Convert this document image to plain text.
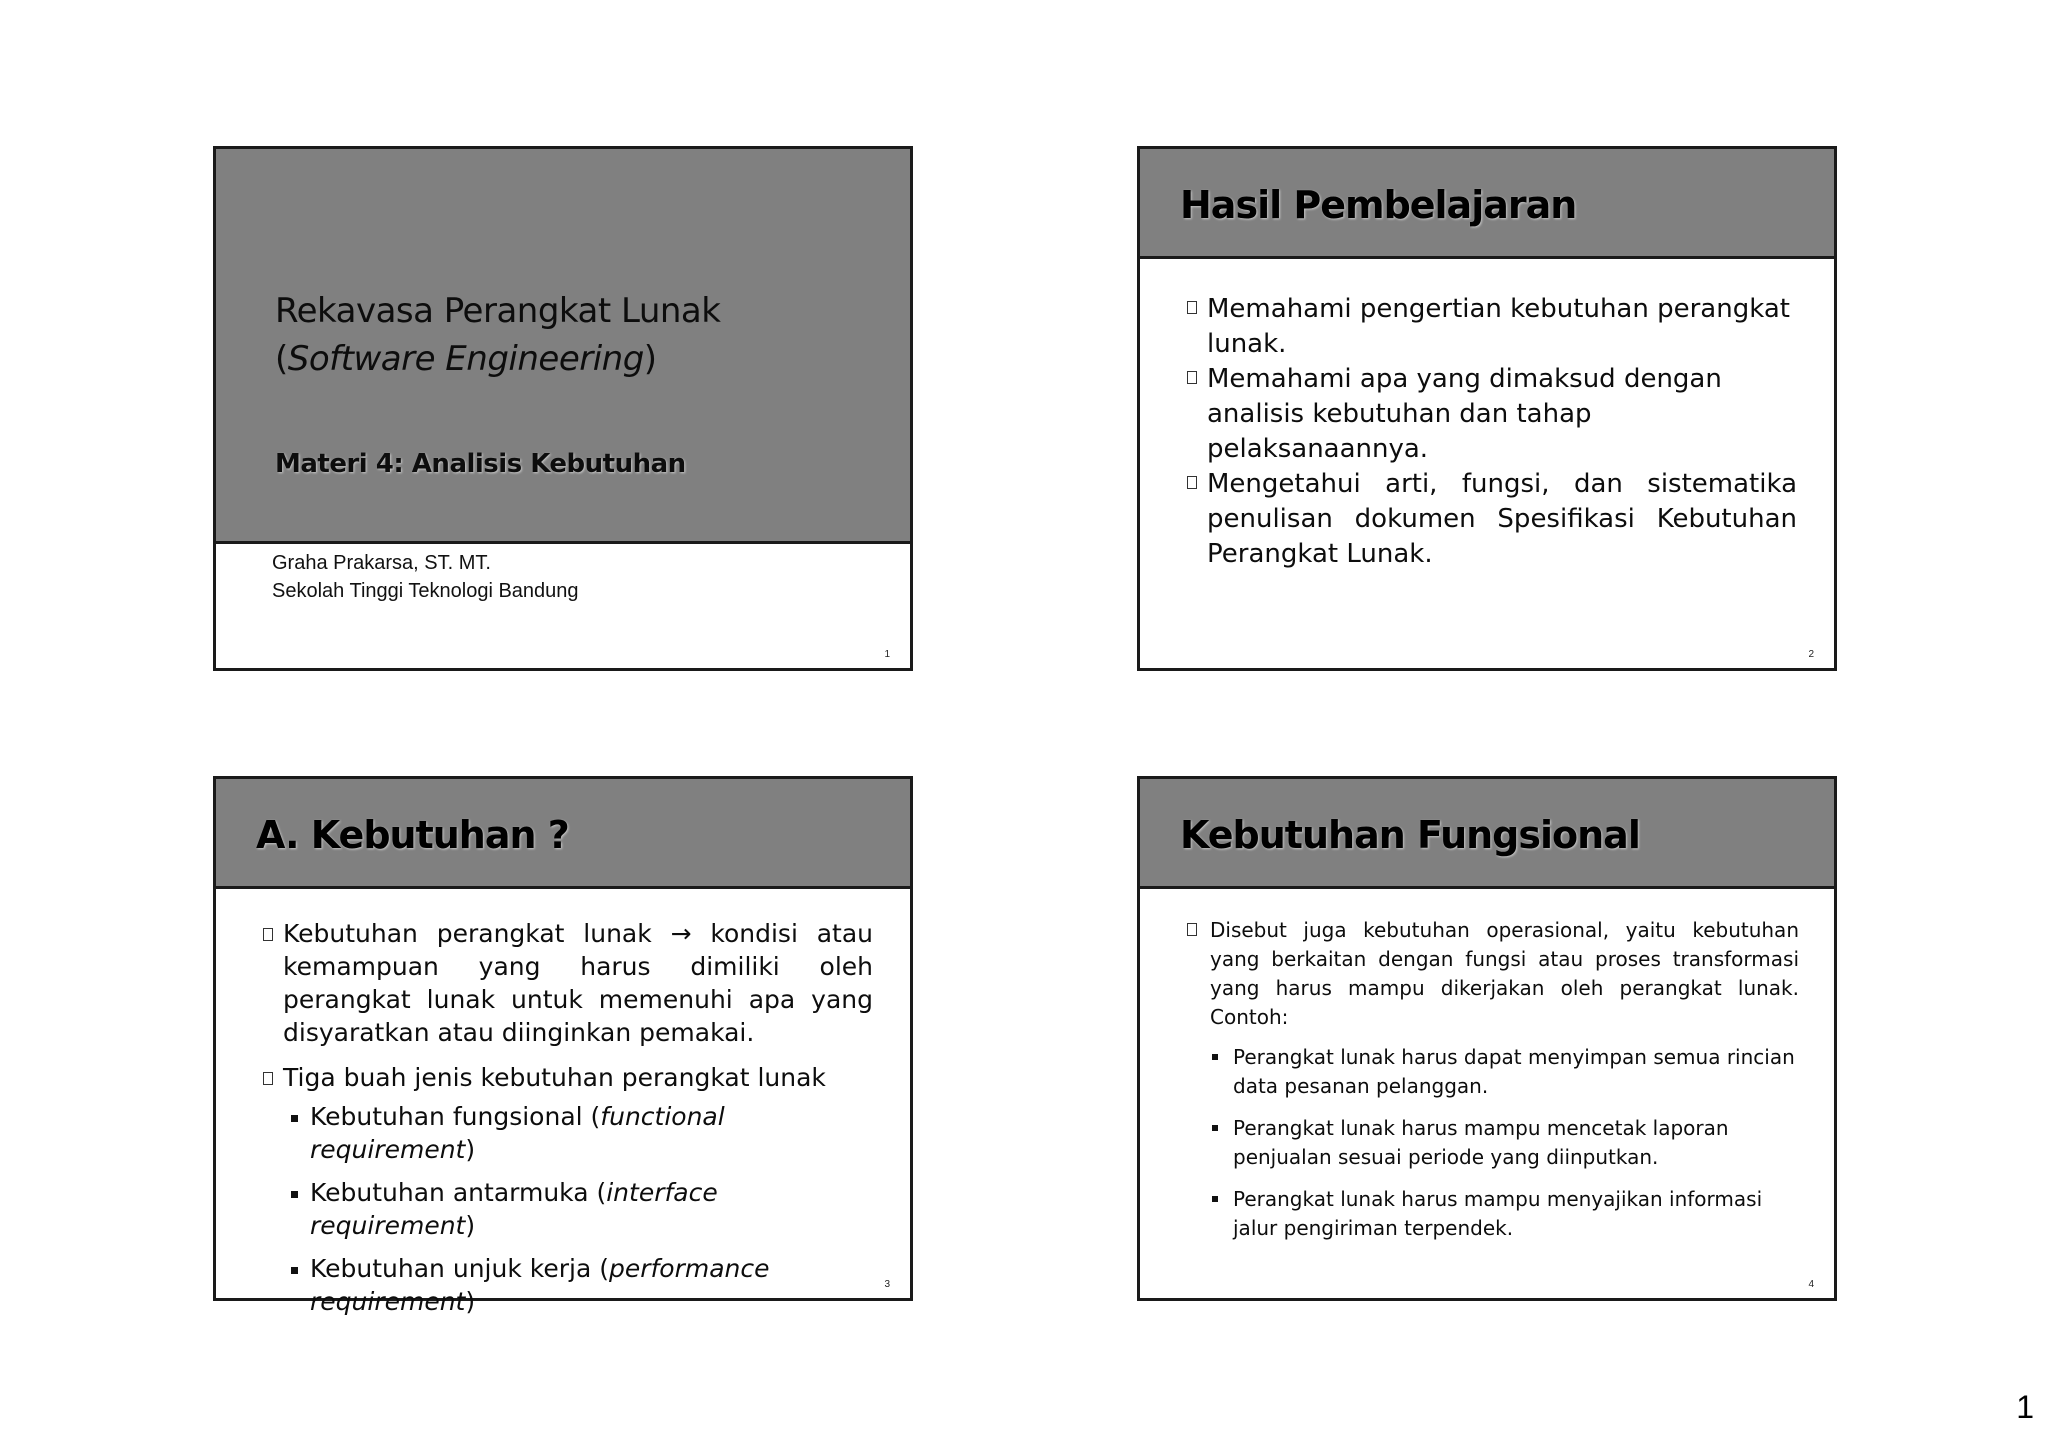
Rekavasa Perangkat Lunak
(Software Engineering)
Materi 4: Analisis Kebutuhan
Graha Prakarsa, ST. MT.
Sekolah Tinggi Teknologi Bandung
1
Hasil Pembelajaran
Memahami pengertian kebutuhan perangkat lunak.
Memahami apa yang dimaksud dengan analisis kebutuhan dan tahap pelaksanaannya.
Mengetahui arti, fungsi, dan sistematika penulisan dokumen Spesifikasi Kebutuhan Perangkat Lunak.
2
A. Kebutuhan ?
Kebutuhan perangkat lunak → kondisi atau kemampuan yang harus dimiliki oleh perangkat lunak untuk memenuhi apa yang disyaratkan atau diinginkan pemakai.
Tiga buah jenis kebutuhan perangkat lunak
Kebutuhan fungsional (functional requirement)
Kebutuhan antarmuka (interface requirement)
Kebutuhan unjuk kerja (performance requirement)
3
Kebutuhan Fungsional
Disebut juga kebutuhan operasional, yaitu kebutuhan yang berkaitan dengan fungsi atau proses transformasi yang harus mampu dikerjakan oleh perangkat lunak. Contoh:
Perangkat lunak harus dapat menyimpan semua rincian data pesanan pelanggan.
Perangkat lunak harus mampu mencetak laporan penjualan sesuai periode yang diinputkan.
Perangkat lunak harus mampu menyajikan informasi jalur pengiriman terpendek.
4
1
